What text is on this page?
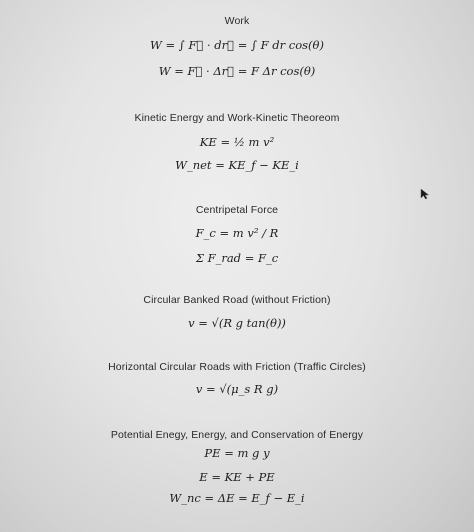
Work
W = ∫ F⃗ · dr⃗ = ∫ F dr cos(θ)
W = F⃗ · Δr⃗ = F Δr cos(θ)
Kinetic Energy and Work-Kinetic Theoreom
KE = ½ m v²
W_net = KE_f − KE_i
Centripetal Force
F_c = m v² / R
Σ F_rad = F_c
Circular Banked Road (without Friction)
v = √(R g tan(θ))
Horizontal Circular Roads with Friction (Traffic Circles)
v = √(μ_s R g)
Potential Enegy, Energy, and Conservation of Energy
PE = m g y
E = KE + PE
W_nc = ΔE = E_f − E_i
